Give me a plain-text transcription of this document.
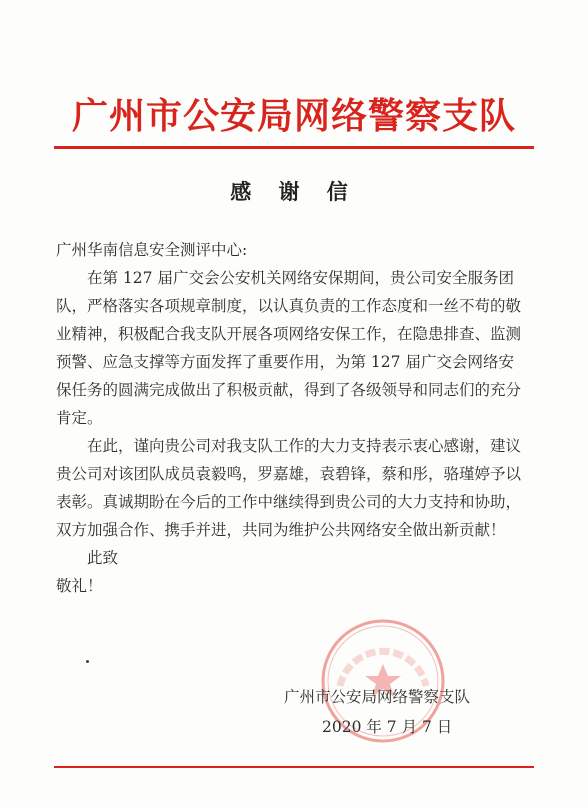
广州市公安局网络警察支队
感 谢 信
广州华南信息安全测评中心:

在第 127 届广交会公安机关网络安保期间，贵公司安全服务团队，严格落实各项规章制度，以认真负责的工作态度和一丝不苟的敬业精神，积极配合我支队开展各项网络安保工作，在隐患排查、监测预警、应急支撑等方面发挥了重要作用，为第 127 届广交会网络安保任务的圆满完成做出了积极贡献，得到了各级领导和同志们的充分肯定。

在此，谨向贵公司对我支队工作的大力支持表示衷心感谢，建议贵公司对该团队成员袁毅鸣，罗嘉雄，袁碧锋，蔡和彤，骆瑾婷予以表彰。真诚期盼在今后的工作中继续得到贵公司的大力支持和协助，双方加强合作、携手并进，共同为维护公共网络安全做出新贡献！

此致

敬礼！

广州市公安局网络警察支队
2020 年 7 月 7 日
